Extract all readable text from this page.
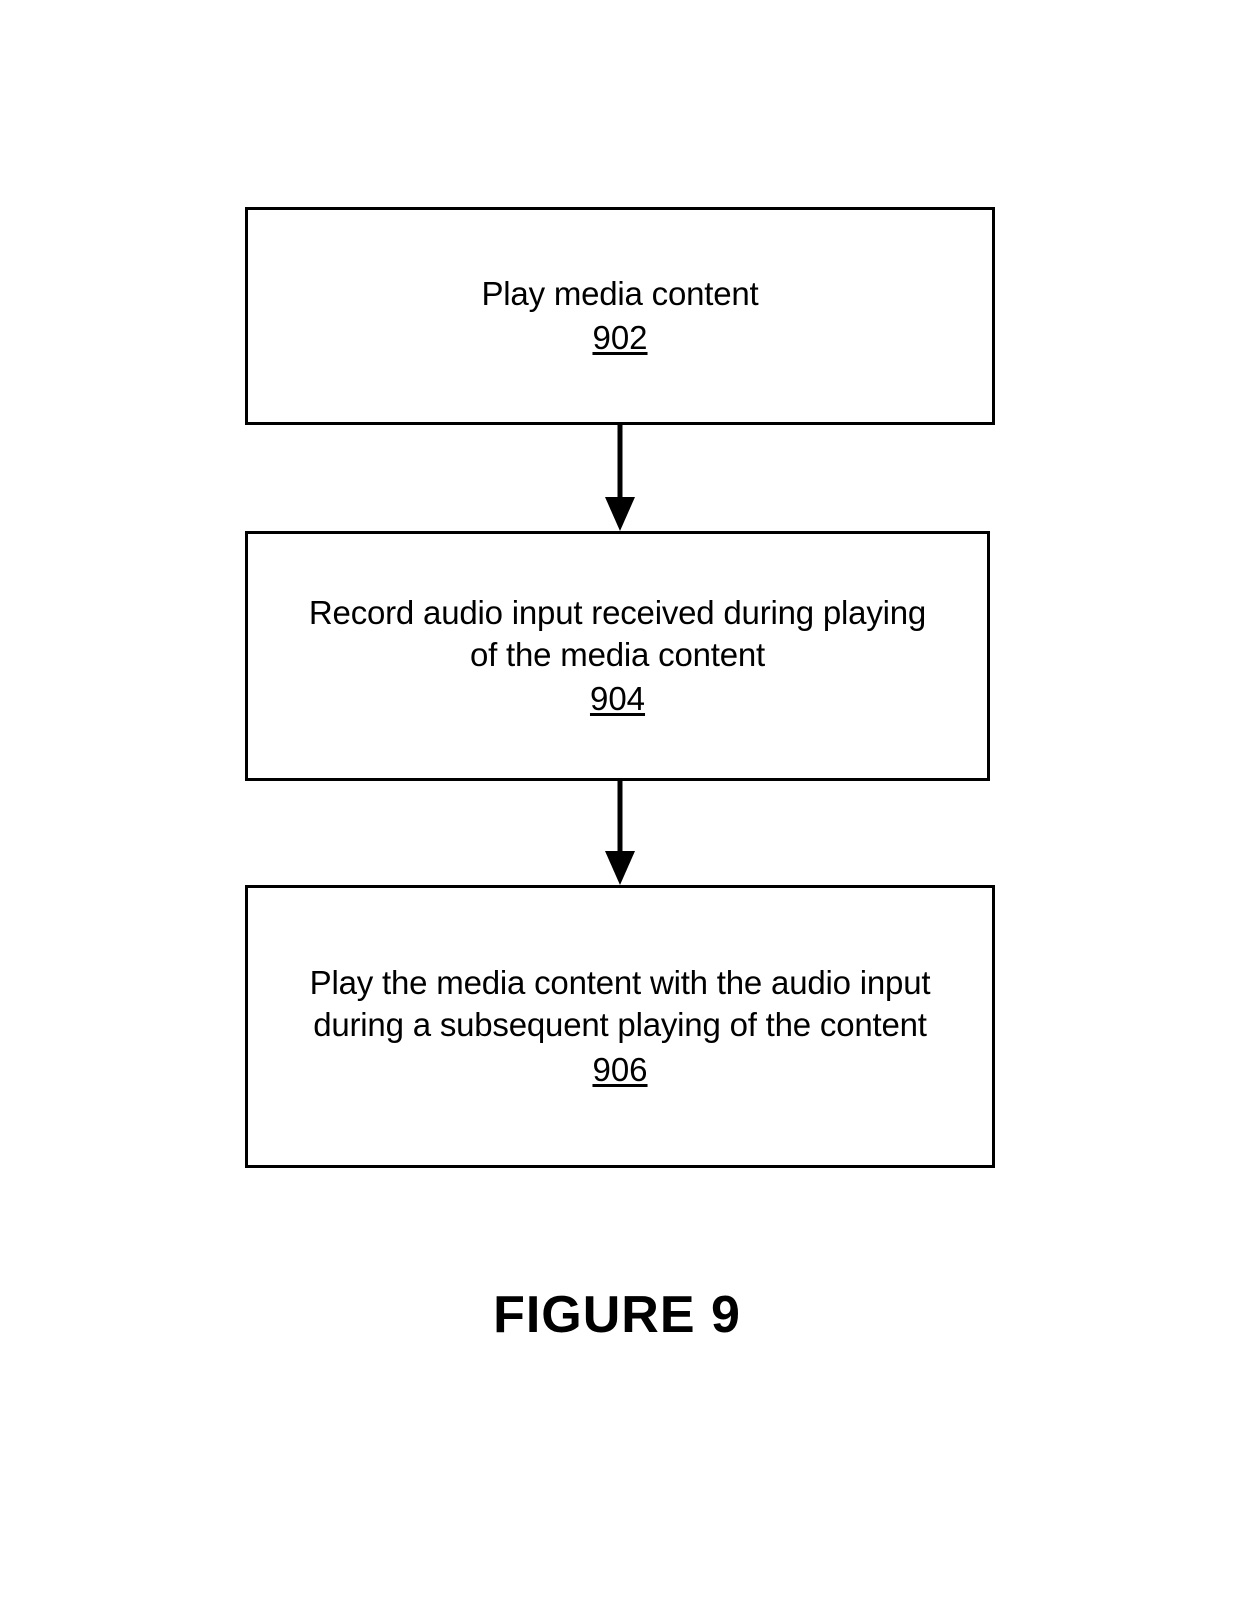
Play media content
902
Record audio input received during playing
of the media content
904
Play the media content with the audio input
during a subsequent playing of the content
906
FIGURE 9
